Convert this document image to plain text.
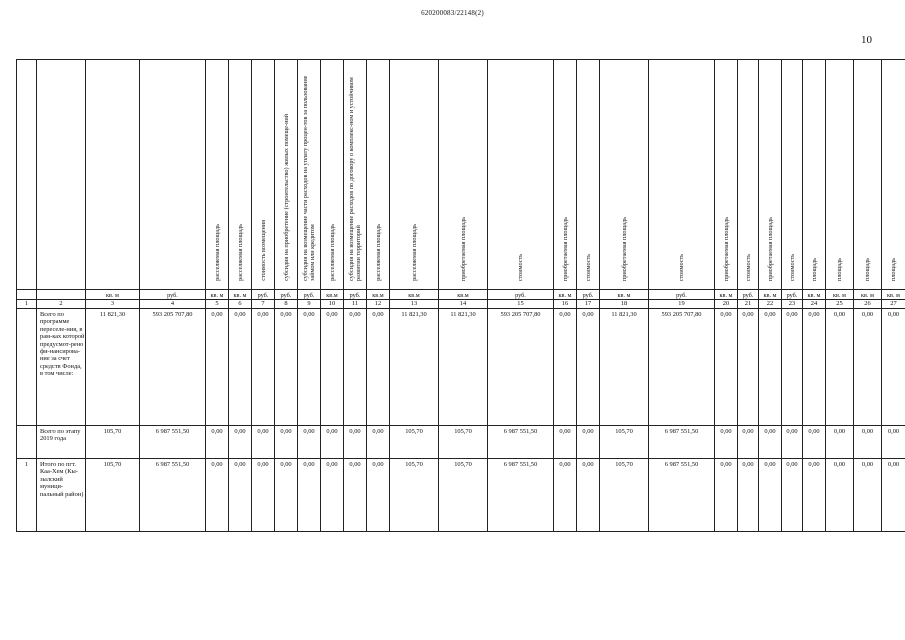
620200083/22148(2)
10

				расселяемая площадь	расселяемая площадь	стоимость возмещения	субсидия на приобретение (строительство) жилых помеще-ний	субсидия на возмещение части расходов на уплату процен-тов за пользование займом или кредитом	расселяемая площадь	субсидия на возмещение расходов по договору о комплекс-ном и устойчивом развитии территорий	расселяемая площадь	расселяемая площадь	приобретаемая площадь	стоимость	приобретаемая площадь	стоимость	приобретаемая площадь	стоимость	приобретаемая площадь	стоимость	приобретаемая площадь	стоимость	площадь	площадь	площадь	площадь

		кв. м	руб.	кв. м	кв. м	руб.	руб.	руб.	кв.м	руб.	кв.м	кв.м	кв.м	руб.	кв. м	руб.	кв. м	руб.	кв. м	руб.	кв. м	руб.	кв. м	кв. м	кв. м	кв. м
1	2	3	4	5	6	7	8	9	10	11	12	13	14	15	16	17	18	19	20	21	22	23	24	25	26	27
	Всего по программе переселе-ния, в рам-ках которой предусмот-рено фи-нансирова-ние за счет средств Фонда, в том числе:	11 821,30	593 205 707,80	0,00	0,00	0,00	0,00	0,00	0,00	0,00	0,00	11 821,30	11 821,30	593 205 707,80	0,00	0,00	11 821,30	593 205 707,80	0,00	0,00	0,00	0,00	0,00	0,00	0,00	0,00
	Всего по этапу 2019 года	105,70	6 987 551,50	0,00	0,00	0,00	0,00	0,00	0,00	0,00	0,00	105,70	105,70	6 987 551,50	0,00	0,00	105,70	6 987 551,50	0,00	0,00	0,00	0,00	0,00	0,00	0,00	0,00
1	Итого по пгт. Каа-Хем (Кы-зылский муници-пальный район)	105,70	6 987 551,50	0,00	0,00	0,00	0,00	0,00	0,00	0,00	0,00	105,70	105,70	6 987 551,50	0,00	0,00	105,70	6 987 551,50	0,00	0,00	0,00	0,00	0,00	0,00	0,00	0,00
